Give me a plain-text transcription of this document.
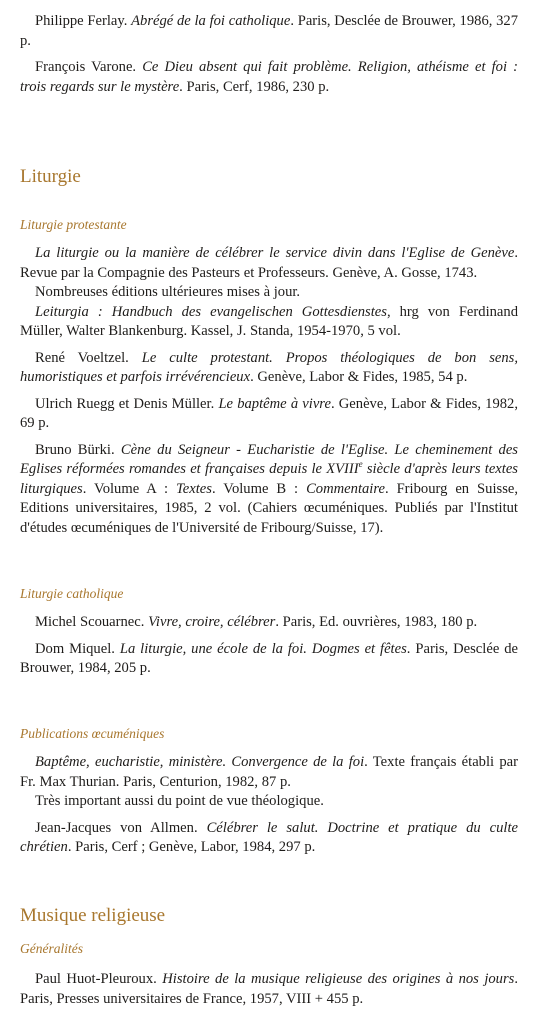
Philippe Ferlay. Abrégé de la foi catholique. Paris, Desclée de Brouwer, 1986, 327 p.

François Varone. Ce Dieu absent qui fait problème. Religion, athéisme et foi : trois regards sur le mystère. Paris, Cerf, 1986, 230 p.

Liturgie
Liturgie protestante

La liturgie ou la manière de célébrer le service divin dans l'Eglise de Genève. Revue par la Compagnie des Pasteurs et Professeurs. Genève, A. Gosse, 1743.
Nombreuses éditions ultérieures mises à jour.

Leiturgia : Handbuch des evangelischen Gottesdienstes, hrg von Ferdinand Müller, Walter Blankenburg. Kassel, J. Standa, 1954-1970, 5 vol.

René Voeltzel. Le culte protestant. Propos théologiques de bon sens, humoristiques et parfois irrévérencieux. Genève, Labor & Fides, 1985, 54 p.

Ulrich Ruegg et Denis Müller. Le baptême à vivre. Genève, Labor & Fides, 1982, 69 p.

Bruno Bürki. Cène du Seigneur - Eucharistie de l'Eglise. Le cheminement des Eglises réformées romandes et françaises depuis le XVIIIe siècle d'après leurs textes liturgiques. Volume A : Textes. Volume B : Commentaire. Fribourg en Suisse, Editions universitaires, 1985, 2 vol. (Cahiers œcuméniques. Publiés par l'Institut d'études œcuméniques de l'Université de Fribourg/Suisse, 17).

Liturgie catholique

Michel Scouarnec. Vivre, croire, célébrer. Paris, Ed. ouvrières, 1983, 180 p.

Dom Miquel. La liturgie, une école de la foi. Dogmes et fêtes. Paris, Desclée de Brouwer, 1984, 205 p.

Publications œcuméniques

Baptême, eucharistie, ministère. Convergence de la foi. Texte français établi par Fr. Max Thurian. Paris, Centurion, 1982, 87 p.
Très important aussi du point de vue théologique.

Jean-Jacques von Allmen. Célébrer le salut. Doctrine et pratique du culte chrétien. Paris, Cerf ; Genève, Labor, 1984, 297 p.

Musique religieuse
Généralités

Paul Huot-Pleuroux. Histoire de la musique religieuse des origines à nos jours. Paris, Presses universitaires de France, 1957, VIII + 455 p.
